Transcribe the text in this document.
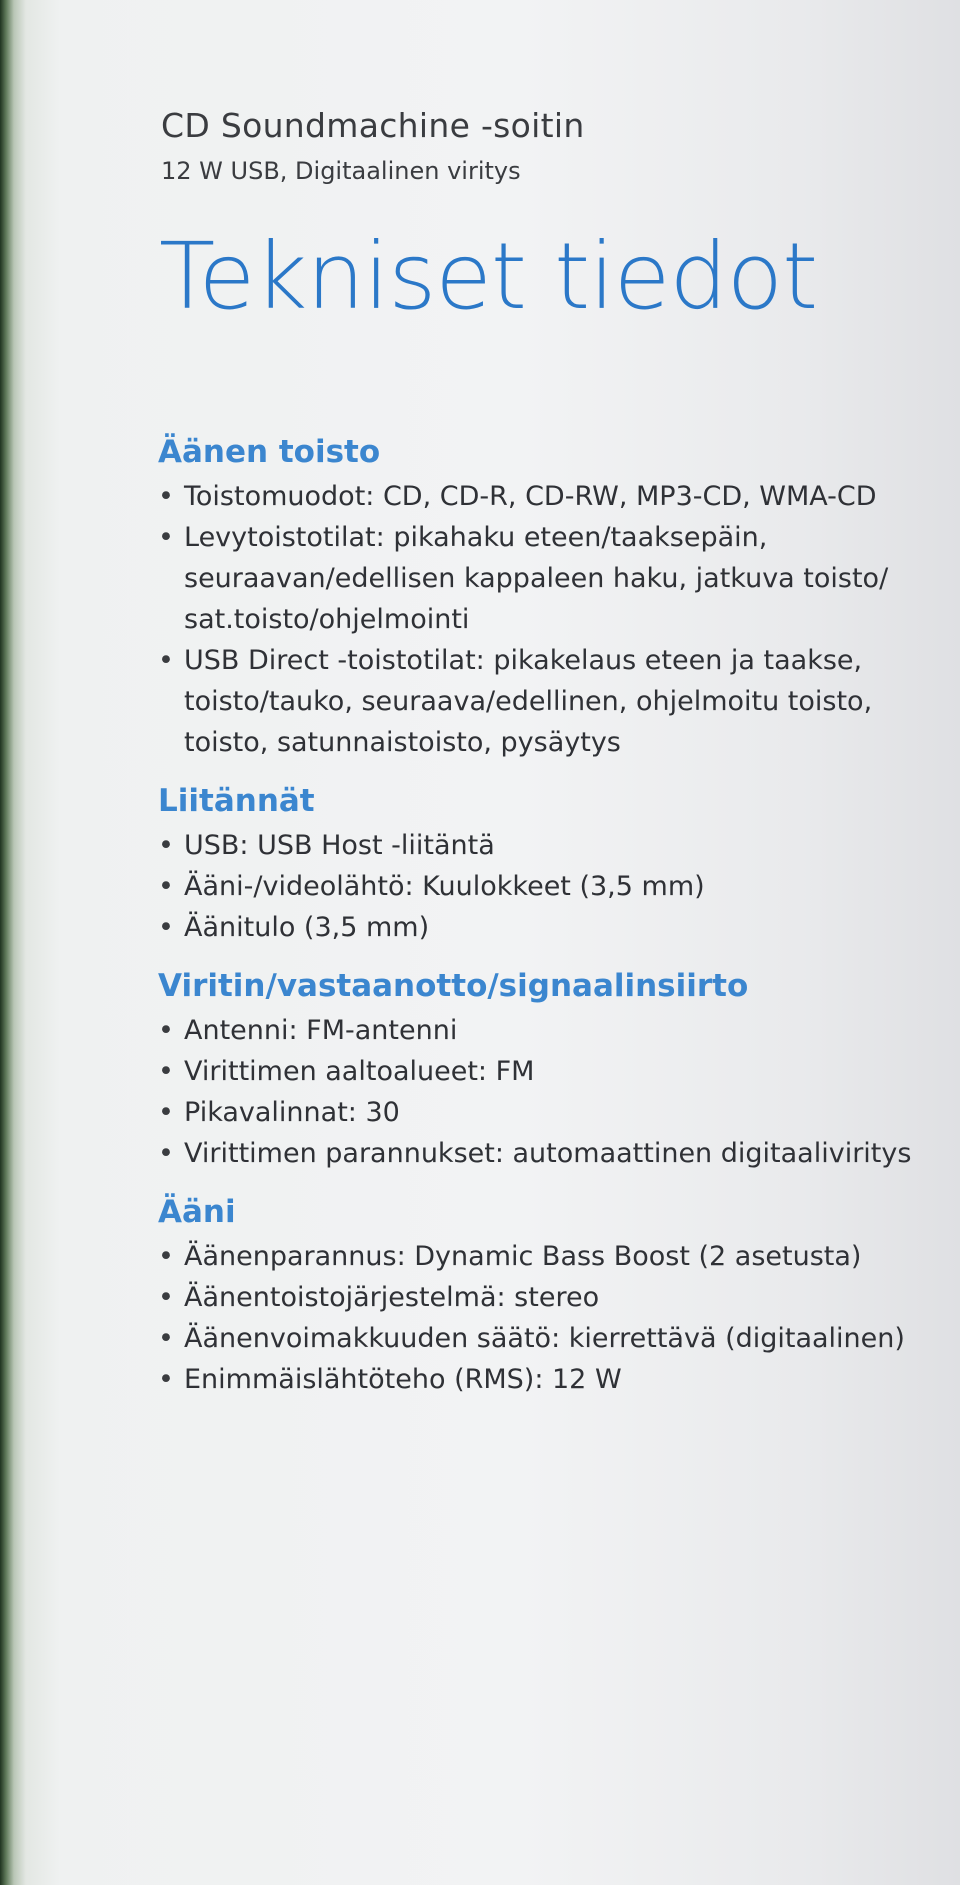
CD Soundmachine -soitin
12 W USB, Digitaalinen viritys
Tekniset tiedot
Äänen toisto
• Toistomuodot: CD, CD-R, CD-RW, MP3-CD, WMA-CD
• Levytoistotilat: pikahaku eteen/taaksepäin, seuraavan/edellisen kappaleen haku, jatkuva toisto/ sat.toisto/ohjelmointi
• USB Direct -toistotilat: pikakelaus eteen ja taakse, toisto/tauko, seuraava/edellinen, ohjelmoitu toisto, toisto, satunnaistoisto, pysäytys
Liitännät
• USB: USB Host -liitäntä
• Ääni-/videolähtö: Kuulokkeet (3,5 mm)
• Äänitulo (3,5 mm)
Viritin/vastaanotto/signaalinsiirto
• Antenni: FM-antenni
• Virittimen aaltoalueet: FM
• Pikavalinnat: 30
• Virittimen parannukset: automaattinen digitaaliviritys
Ääni
• Äänenparannus: Dynamic Bass Boost (2 asetusta)
• Äänentoistojärjestelmä: stereo
• Äänenvoimakkuuden säätö: kierrettävä (digitaalinen)
• Enimmäislähtöteho (RMS): 12 W
